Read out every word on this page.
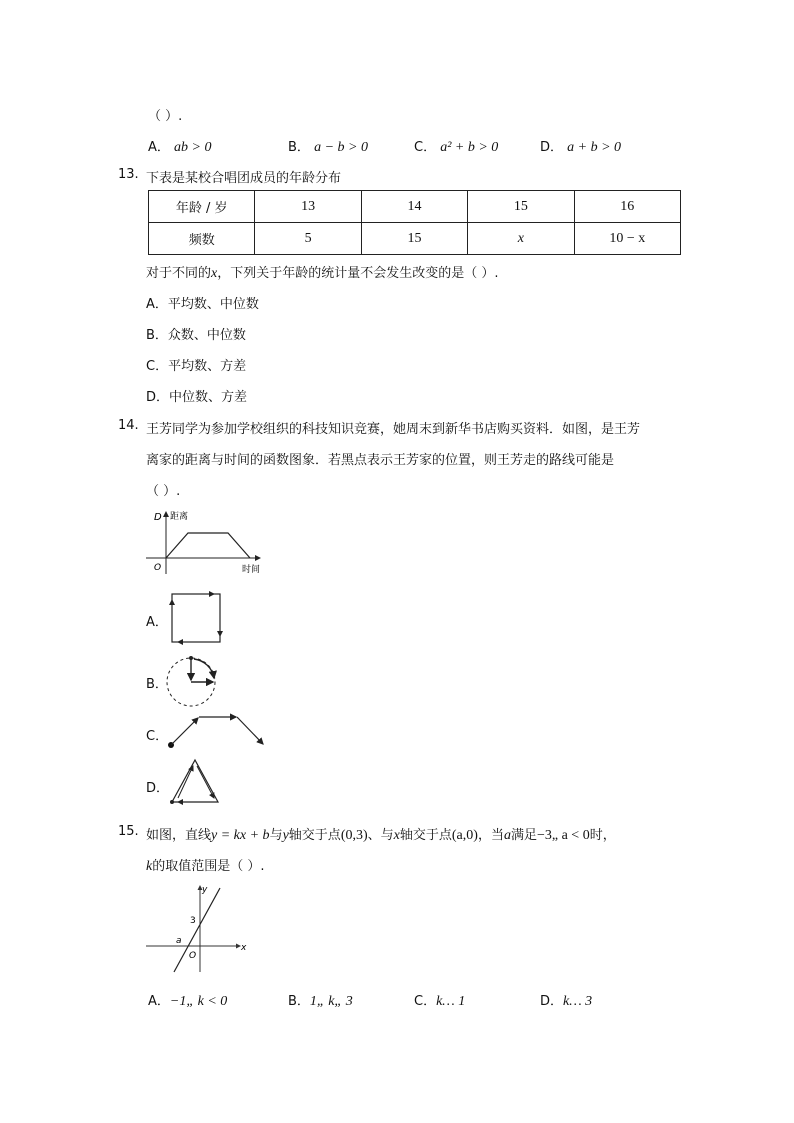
（ ）.
A． ab > 0	B． a − b > 0	C． a² + b > 0	D． a + b > 0
13. 下表是某校合唱团成员的年龄分布
年龄 / 岁	13	14	15	16
频数	5	15	x	10 − x
对于不同的x，下列关于年龄的统计量不会发生改变的是（ ）.
A．平均数、中位数
B．众数、中位数
C．平均数、方差
D．中位数、方差
14. 王芳同学为参加学校组织的科技知识竞赛，她周末到新华书店购买资料．如图，是王芳
离家的距离与时间的函数图象．若黑点表示王芳家的位置，则王芳走的路线可能是
（ ）.
D 距离
O	时间
A．
B．
C．
D．
15. 如图，直线y = kx + b与y轴交于点(0,3)、与x轴交于点(a,0)，当a满足−3„ a < 0时，
k的取值范围是（ ）.
y
x
3
a
O
A．−1„ k < 0	B．1„ k„ 3	C．k… 1	D．k… 3
